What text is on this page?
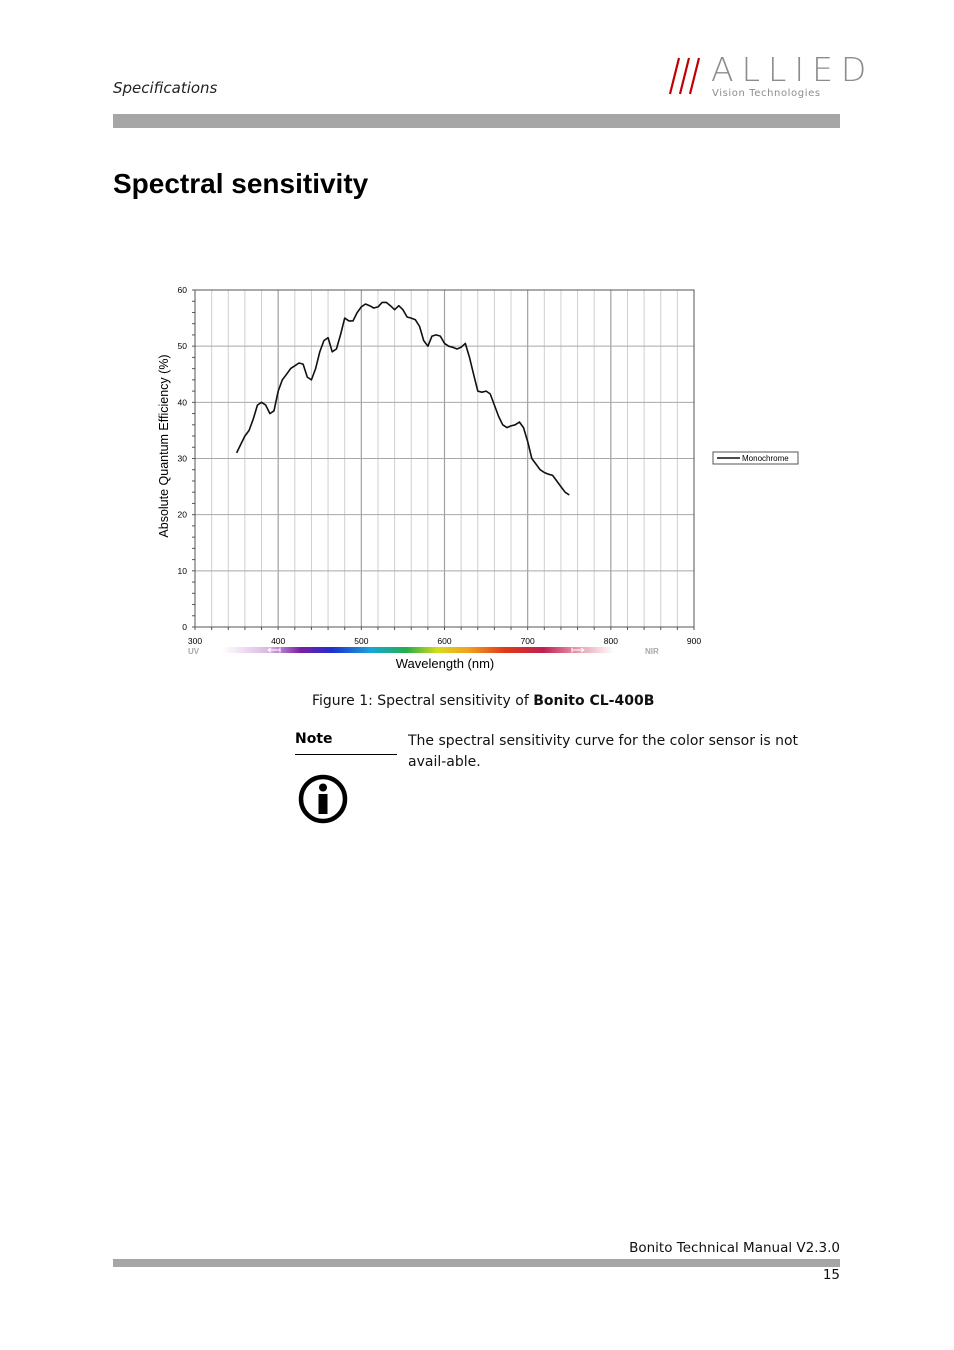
Specifications	ALLIED
Vision Technologies
Spectral sensitivity
0
10
20
30
40
50
60
300	400	500	600	700	800	900
UV	NIR
Wavelength (nm)
Absolute Quantum Efficiency (%)	Monochrome
Figure 1: Spectral sensitivity of Bonito CL-400B
Note	The spectral sensitivity curve for the color sensor is not avail-able.
Bonito Technical Manual V2.3.0
15
